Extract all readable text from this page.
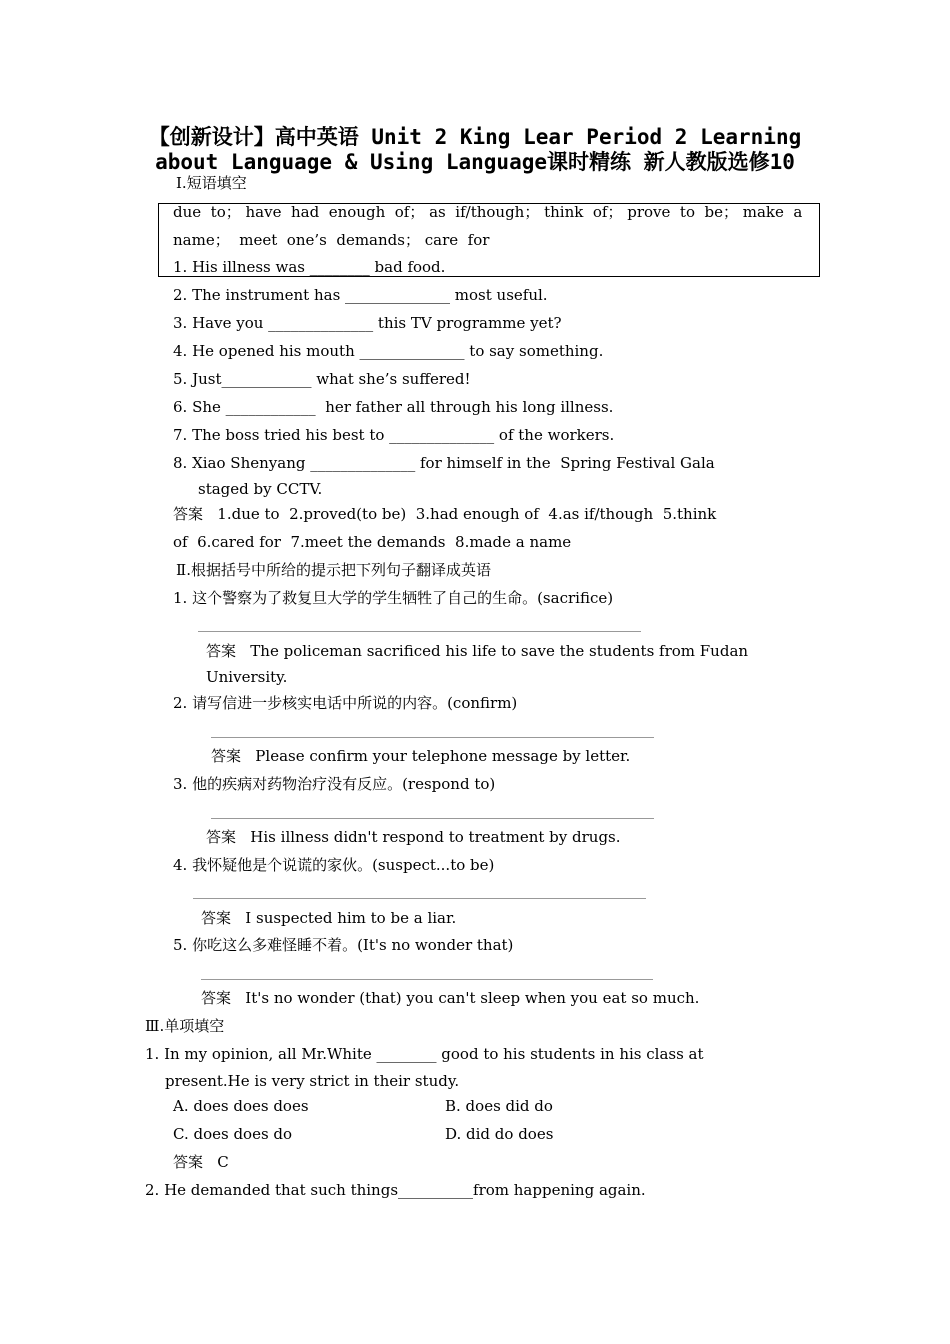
【创新设计】高中英语 Unit 2 King Lear Period 2 Learning
about Language & Using Language课时精练 新人教版选修10
Ⅰ.短语填空
due  to； have  had  enough  of； as  if/though； think  of； prove  to  be； make  a
name；  meet  one’s  demands； care  for
1. His illness was ________ bad food.
2. The instrument has ______________ most useful.
3. Have you ______________ this TV programme yet?
4. He opened his mouth ______________ to say something.
5. Just____________ what she’s suffered!
6. She ____________  her father all through his long illness.
7. The boss tried his best to ______________ of the workers.
8. Xiao Shenyang ______________ for himself in the  Spring Festival Gala
staged by CCTV.
答案   1.due to  2.proved(to be)  3.had enough of  4.as if/though  5.think
of  6.cared for  7.meet the demands  8.made a name
Ⅱ.根据括号中所给的提示把下列句子翻译成英语
1. 这个警察为了救复旦大学的学生牺牲了自己的生命。(sacrifice)
答案   The policeman sacrificed his life to save the students from Fudan
University.
2. 请写信进一步核实电话中所说的内容。(confirm)
答案   Please confirm your telephone message by letter.
3. 他的疾病对药物治疗没有反应。(respond to)
答案   His illness didn't respond to treatment by drugs.
4. 我怀疑他是个说谎的家伙。(suspect...to be)
答案   I suspected him to be a liar.
5. 你吃这么多难怪睡不着。(It's no wonder that)
答案   It's no wonder (that) you can't sleep when you eat so much.
Ⅲ.单项填空
1. In my opinion, all Mr.White ________ good to his students in his class at
present.He is very strict in their study.
A. does does does	B. does did do
C. does does do	D. did do does
答案   C
2. He demanded that such things__________from happening again.
